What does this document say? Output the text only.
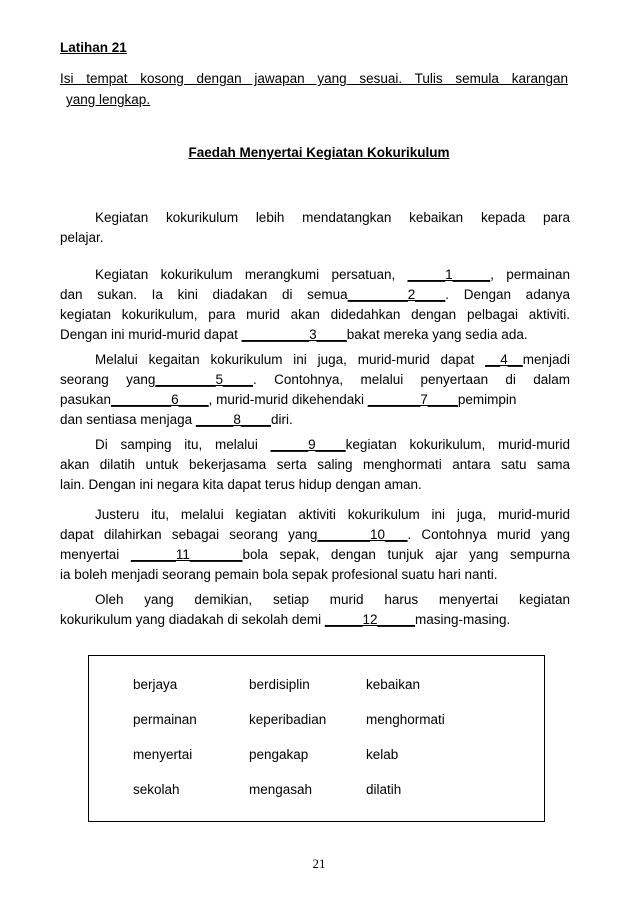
Latihan 21
Isi tempat kosong dengan jawapan yang sesuai. Tulis semula karangan
yang lengkap.
Faedah Menyertai Kegiatan Kokurikulum
Kegiatan kokurikulum lebih mendatangkan kebaikan kepada para
pelajar.
Kegiatan kokurikulum merangkumi persatuan, _____1_____, permainan
dan sukan. Ia kini diadakan di semua________2____. Dengan adanya
kegiatan kokurikulum, para murid akan didedahkan dengan pelbagai aktiviti.
Dengan ini murid-murid dapat _________3____bakat mereka yang sedia ada.
Melalui kegaitan kokurikulum ini juga, murid-murid dapat __4__menjadi
seorang yang________5____. Contohnya, melalui penyertaan di dalam
pasukan________6____, murid-murid dikehendaki _______7____pemimpin
dan sentiasa menjaga _____8____diri.
Di samping itu, melalui _____9____kegiatan kokurikulum, murid-murid
akan dilatih untuk bekerjasama serta saling menghormati antara satu sama
lain. Dengan ini negara kita dapat terus hidup dengan aman.
Justeru itu, melalui kegiatan aktiviti kokurikulum ini juga, murid-murid
dapat dilahirkan sebagai seorang yang_______10___. Contohnya murid yang
menyertai ______11_______bola sepak, dengan tunjuk ajar yang sempurna
ia boleh menjadi seorang pemain bola sepak profesional suatu hari nanti.
Oleh yang demikian, setiap murid harus menyertai kegiatan
kokurikulum yang diadakah di sekolah demi _____12_____masing-masing.
berjaya	berdisiplin	kebaikan
permainan	keperibadian	menghormati
menyertai	pengakap	kelab
sekolah	mengasah	dilatih
21
